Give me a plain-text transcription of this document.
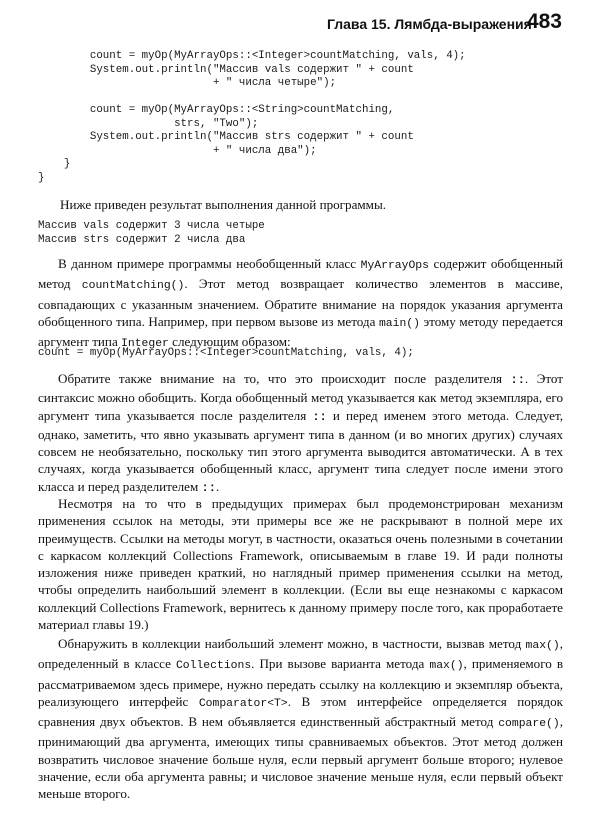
Глава 15. Лямбда-выражения
483
count = myOp(MyArrayOps::<Integer>countMatching, vals, 4);
System.out.println("Массив vals содержит " + count
+ " числа четыре");

count = myOp(MyArrayOps::<String>countMatching,
strs, "Two");
System.out.println("Массив strs содержит " + count
+ " числа два");
}
}

Ниже приведен результат выполнения данной программы.

Массив vals содержит 3 числа четыре
Массив strs содержит 2 числа два

В данном примере программы необобщенный класс MyArrayOps содержит обобщенный метод countMatching(). Этот метод возвращает количество элементов в массиве, совпадающих с указанным значением. Обратите внимание на порядок указания аргумента обобщенного типа. Например, при первом вызове из метода main() этому методу передается аргумент типа Integer следующим образом:

count = myOp(MyArrayOps::<Integer>countMatching, vals, 4);

Обратите также внимание на то, что это происходит после разделителя ::. Этот синтаксис можно обобщить. Когда обобщенный метод указывается как метод экземпляра, его аргумент типа указывается после разделителя :: и перед именем этого метода. Следует, однако, заметить, что явно указывать аргумент типа в данном (и во многих других) случаях совсем не необязательно, поскольку тип этого аргумента выводится автоматически. А в тех случаях, когда указывается обобщенный класс, аргумент типа следует после имени этого класса и перед разделителем ::.

Несмотря на то что в предыдущих примерах был продемонстрирован механизм применения ссылок на методы, эти примеры все же не раскрывают в полной мере их преимуществ. Ссылки на методы могут, в частности, оказаться очень полезными в сочетании с каркасом коллекций Collections Framework, описываемым в главе 19. И ради полноты изложения ниже приведен краткий, но наглядный пример применения ссылки на метод, чтобы определить наибольший элемент в коллекции. (Если вы еще незнакомы с каркасом коллекций Collections Framework, вернитесь к данному примеру после того, как проработаете материал главы 19.)

Обнаружить в коллекции наибольший элемент можно, в частности, вызвав метод max(), определенный в классе Collections. При вызове варианта метода max(), применяемого в рассматриваемом здесь примере, нужно передать ссылку на коллекцию и экземпляр объекта, реализующего интерфейс Comparator<T>. В этом интерфейсе определяется порядок сравнения двух объектов. В нем объявляется единственный абстрактный метод compare(), принимающий два аргумента, имеющих типы сравниваемых объектов. Этот метод должен возвратить числовое значение больше нуля, если первый аргумент больше второго; нулевое значение, если оба аргумента равны; и числовое значение меньше нуля, если первый объект меньше второго.
